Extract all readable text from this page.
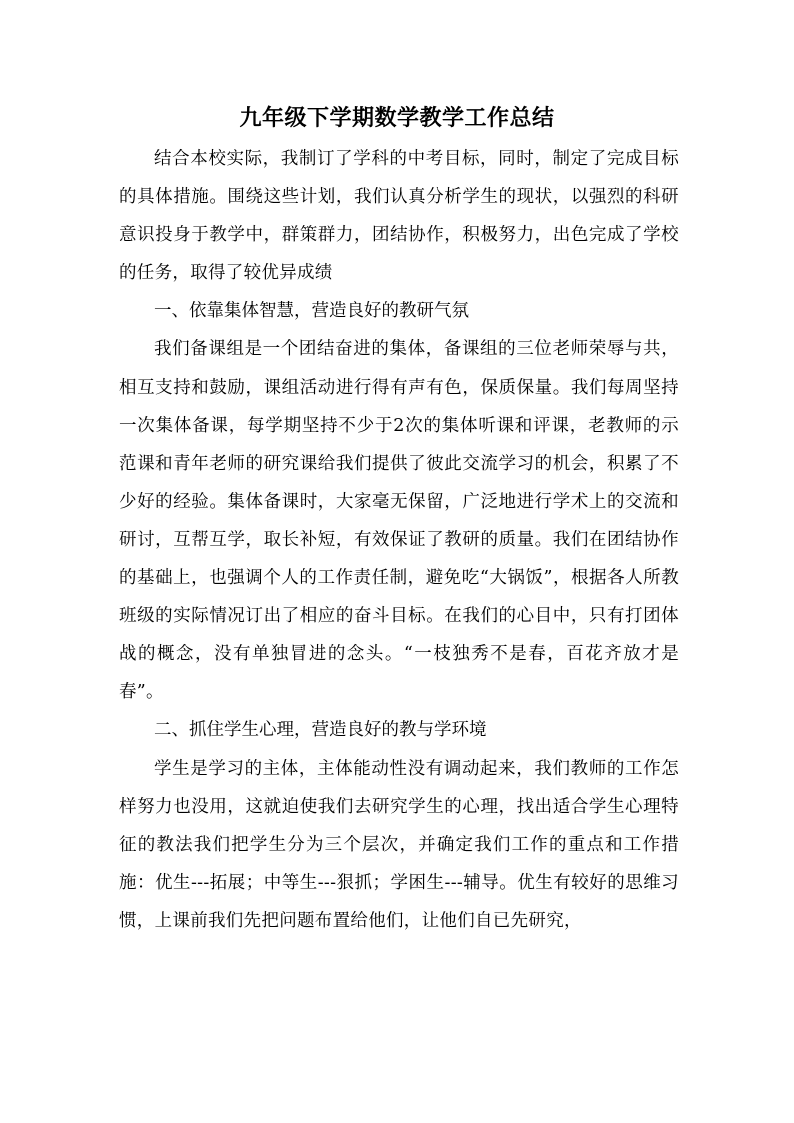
九年级下学期数学教学工作总结

结合本校实际，我制订了学科的中考目标，同时，制定了完成目标的具体措施。围绕这些计划，我们认真分析学生的现状，以强烈的科研意识投身于教学中，群策群力，团结协作，积极努力，出色完成了学校的任务，取得了较优异成绩

一、依靠集体智慧，营造良好的教研气氛

我们备课组是一个团结奋进的集体，备课组的三位老师荣辱与共，相互支持和鼓励，课组活动进行得有声有色，保质保量。我们每周坚持一次集体备课，每学期坚持不少于2次的集体听课和评课，老教师的示范课和青年老师的研究课给我们提供了彼此交流学习的机会，积累了不少好的经验。集体备课时，大家毫无保留，广泛地进行学术上的交流和研讨，互帮互学，取长补短，有效保证了教研的质量。我们在团结协作的基础上，也强调个人的工作责任制，避免吃“大锅饭”，根据各人所教班级的实际情况订出了相应的奋斗目标。在我们的心目中，只有打团体战的概念，没有单独冒进的念头。“一枝独秀不是春，百花齐放才是春”。

二、抓住学生心理，营造良好的教与学环境

学生是学习的主体，主体能动性没有调动起来，我们教师的工作怎样努力也没用，这就迫使我们去研究学生的心理，找出适合学生心理特征的教法我们把学生分为三个层次，并确定我们工作的重点和工作措施：优生---拓展；中等生---狠抓；学困生---辅导。优生有较好的思维习惯，上课前我们先把问题布置给他们，让他们自已先研究，
